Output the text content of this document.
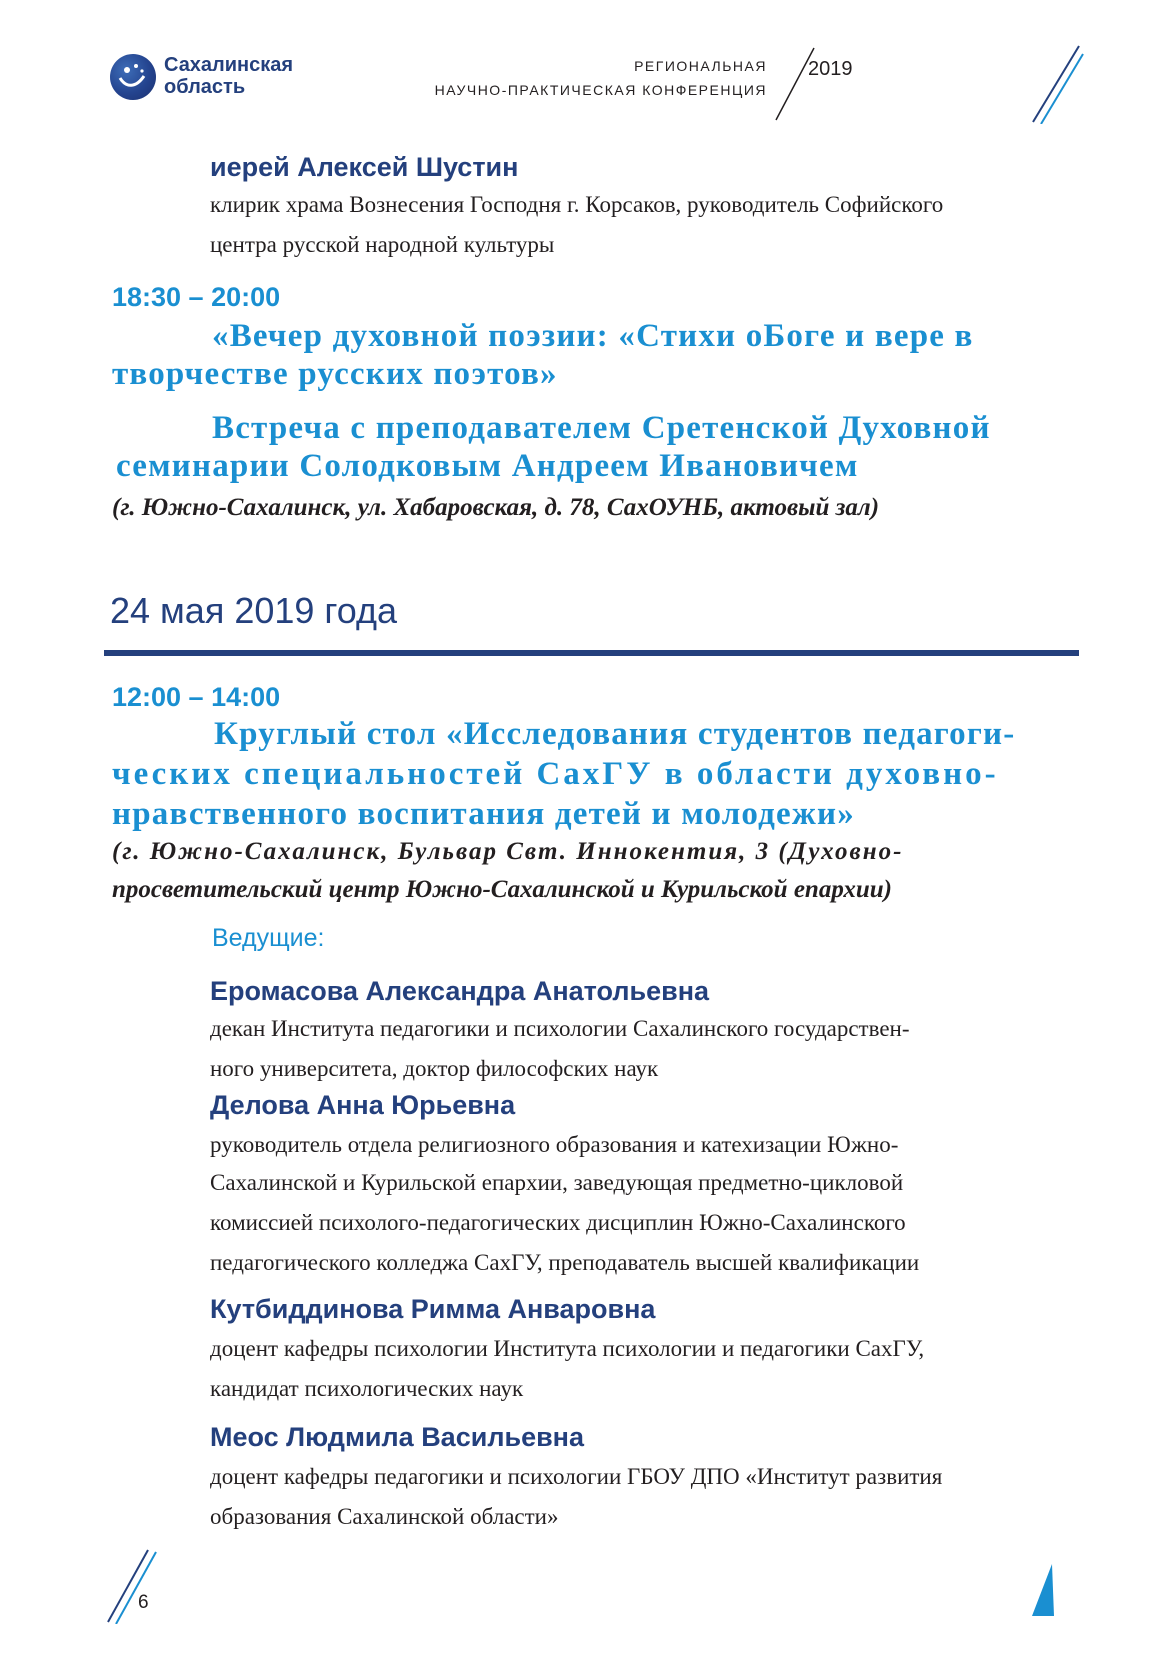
Сахалинская
область
РЕГИОНАЛЬНАЯ
НАУЧНО-ПРАКТИЧЕСКАЯ КОНФЕРЕНЦИЯ
2019
иерей Алексей Шустин
клирик храма Вознесения Господня г. Корсаков, руководитель Софийского
центра русской народной культуры
18:30 – 20:00
«Вечер духовной поэзии: «Стихи оБоге и вере в
творчестве русских поэтов»
Встреча с преподавателем Сретенской Духовной
семинарии Солодковым Андреем Ивановичем
(г. Южно-Сахалинск, ул. Хабаровская, д. 78, СахОУНБ, актовый зал)
24 мая 2019 года
12:00 – 14:00
Круглый стол «Исследования студентов педагоги-
ческих специальностей СахГУ в области духовно-
нравственного воспитания детей и молодежи»
(г. Южно-Сахалинск, Бульвар Свт. Иннокентия, 3 (Духовно-
просветительский центр Южно-Сахалинской и Курильской епархии)
Ведущие:
Еромасова Александра Анатольевна
декан Института педагогики и психологии Сахалинского государствен-
ного университета, доктор философских наук
Делова Анна Юрьевна
руководитель отдела религиозного образования и катехизации Южно-
Сахалинской и Курильской епархии, заведующая предметно-цикловой
комиссией психолого-педагогических дисциплин Южно-Сахалинского
педагогического колледжа СахГУ, преподаватель высшей квалификации
Кутбиддинова Римма Анваровна
доцент кафедры психологии Института психологии и педагогики СахГУ,
кандидат психологических наук
Меос Людмила Васильевна
доцент кафедры педагогики и психологии ГБОУ ДПО «Институт развития
образования Сахалинской области»
6
